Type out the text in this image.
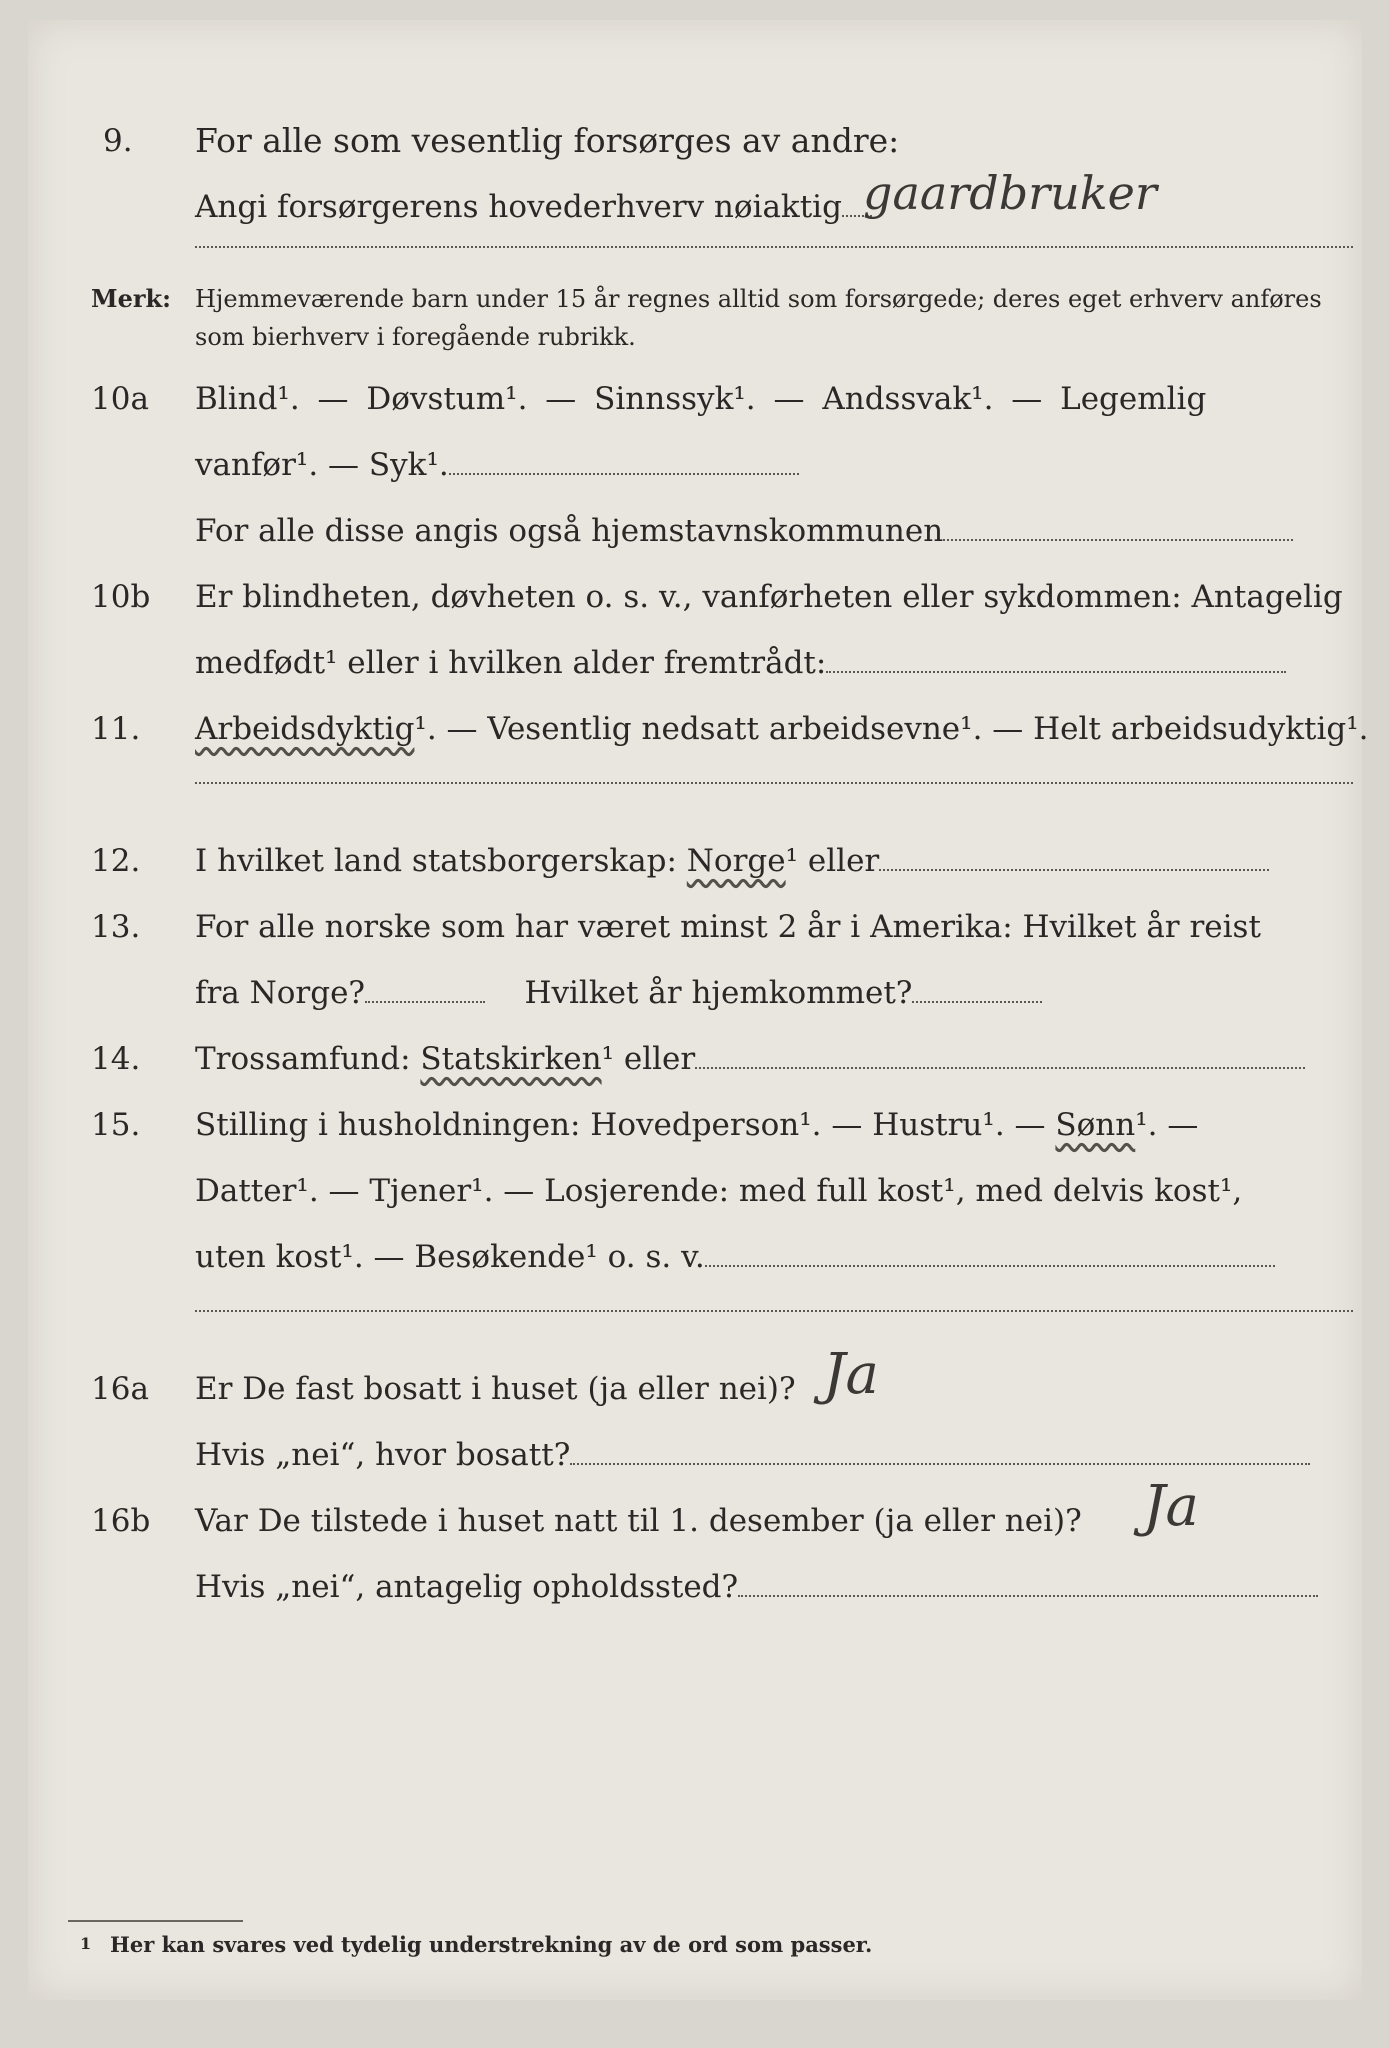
9.	For alle som vesentlig forsørges av andre:
Angi forsørgerens hovederhverv nøiaktig gaardbruker
Merk: Hjemmeværende barn under 15 år regnes alltid som forsørgede; deres eget erhverv anføres som bierhverv i foregående rubrikk.
10a	Blind¹. — Døvstum¹. — Sinnssyk¹. — Andssvak¹. — Legemlig
vanfør¹. — Syk¹.
For alle disse angis også hjemstavnskommunen
10b	Er blindheten, døvheten o. s. v., vanførheten eller sykdommen: Antagelig
medfødt¹ eller i hvilken alder fremtrådt:
11.	Arbeidsdyktig¹. — Vesentlig nedsatt arbeidsevne¹. — Helt arbeidsudyktig¹.
12.	I hvilket land statsborgerskap: Norge¹ eller
13.	For alle norske som har været minst 2 år i Amerika: Hvilket år reist
fra Norge?	Hvilket år hjemkommet?
14.	Trossamfund: Statskirken¹ eller
15.	Stilling i husholdningen: Hovedperson¹. — Hustru¹. — Sønn¹. —
Datter¹. — Tjener¹. — Losjerende: med full kost¹, med delvis kost¹,
uten kost¹. — Besøkende¹ o. s. v.
16a	Er De fast bosatt i huset (ja eller nei)? Ja
Hvis „nei“, hvor bosatt?
16b	Var De tilstede i huset natt til 1. desember (ja eller nei)? Ja
Hvis „nei“, antagelig opholdssted?
1 Her kan svares ved tydelig understrekning av de ord som passer.
